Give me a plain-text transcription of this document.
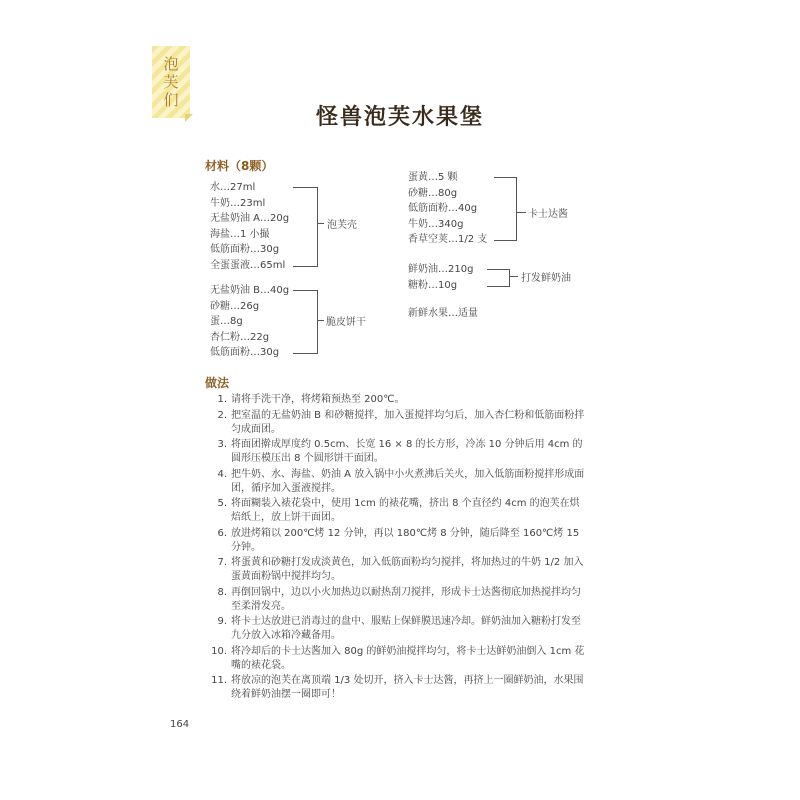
泡
芙
们
怪兽泡芙水果堡
材料（8颗）
水…27ml
牛奶…23ml
无盐奶油 A…20g
海盐…1 小撮
低筋面粉…30g
全蛋蛋液…65ml
泡芙壳
无盐奶油 B…40g
砂糖…26g
蛋…8g
杏仁粉…22g
低筋面粉…30g
脆皮饼干
蛋黄…5 颗
砂糖…80g
低筋面粉…40g
牛奶…340g
香草空荚…1/2 支
卡士达酱
鲜奶油…210g
糖粉…10g
打发鲜奶油
新鲜水果…适量
做法
1. 请将手洗干净，将烤箱预热至 200℃。
2. 把室温的无盐奶油 B 和砂糖搅拌，加入蛋搅拌均匀后，加入杏仁粉和低筋面粉拌匀成面团。
3. 将面团擀成厚度约 0.5cm、长宽 16 × 8 的长方形，冷冻 10 分钟后用 4cm 的圆形压模压出 8 个圆形饼干面团。
4. 把牛奶、水、海盐、奶油 A 放入锅中小火煮沸后关火，加入低筋面粉搅拌形成面团，循序加入蛋液搅拌。
5. 将面糊装入裱花袋中，使用 1cm 的裱花嘴，挤出 8 个直径约 4cm 的泡芙在烘焙纸上，放上饼干面团。
6. 放进烤箱以 200℃烤 12 分钟，再以 180℃烤 8 分钟，随后降至 160℃烤 15 分钟。
7. 将蛋黄和砂糖打发成淡黄色，加入低筋面粉均匀搅拌，将加热过的牛奶 1/2 加入蛋黄面粉锅中搅拌均匀。
8. 再倒回锅中，边以小火加热边以耐热刮刀搅拌，形成卡士达酱彻底加热搅拌均匀至柔滑发亮。
9. 将卡士达放进已消毒过的盘中、服贴上保鲜膜迅速冷却。鲜奶油加入糖粉打发至九分放入冰箱冷藏备用。
10. 将冷却后的卡士达酱加入 80g 的鲜奶油搅拌均匀，将卡士达鲜奶油倒入 1cm 花嘴的裱花袋。
11. 将放凉的泡芙在离顶端 1/3 处切开，挤入卡士达酱，再挤上一圈鲜奶油，水果围绕着鲜奶油摆一圈即可！
164
